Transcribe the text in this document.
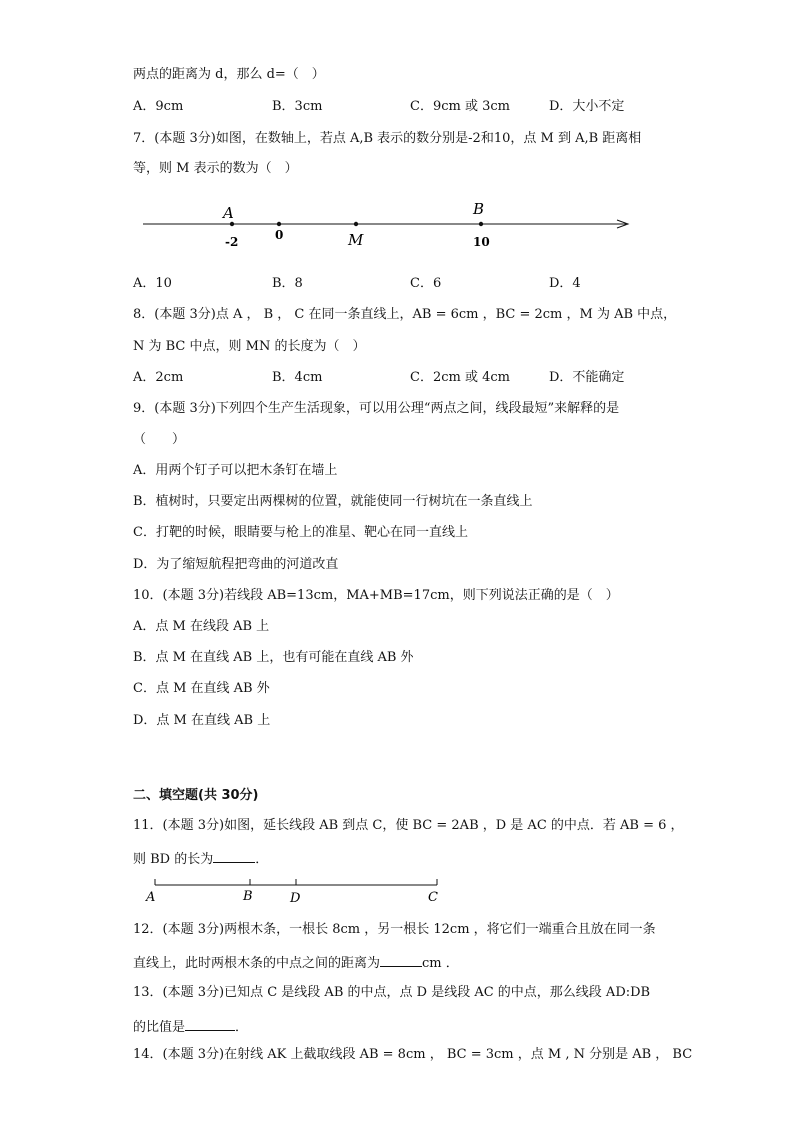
两点的距离为 d，那么 d=（　）
A．9cm	B．3cm	C．9cm 或 3cm	D．大小不定
7．(本题 3分)如图，在数轴上，若点 A,B 表示的数分别是-2和10，点 M 到 A,B 距离相
等，则 M 表示的数为（　）
A	B
M
-2	0	10
A．10	B．8	C．6	D．4
8．(本题 3分)点 A ， B ， C 在同一条直线上，AB = 6cm ，BC = 2cm ，M 为 AB 中点，
N 为 BC 中点，则 MN 的长度为（　）
A．2cm	B．4cm	C．2cm 或 4cm	D．不能确定
9．(本题 3分)下列四个生产生活现象，可以用公理“两点之间，线段最短”来解释的是
（　　）
A．用两个钉子可以把木条钉在墙上
B．植树时，只要定出两棵树的位置，就能使同一行树坑在一条直线上
C．打靶的时候，眼睛要与枪上的准星、靶心在同一直线上
D．为了缩短航程把弯曲的河道改直
10．(本题 3分)若线段 AB=13cm，MA+MB=17cm，则下列说法正确的是（　）
A．点 M 在线段 AB 上
B．点 M 在直线 AB 上，也有可能在直线 AB 外
C．点 M 在直线 AB 外
D．点 M 在直线 AB 上
二、填空题(共 30分)
11．(本题 3分)如图，延长线段 AB 到点 C，使 BC = 2AB ，D 是 AC 的中点．若 AB = 6 ，
则 BD 的长为	．
A	B	D	C
12．(本题 3分)两根木条，一根长 8cm ，另一根长 12cm ，将它们一端重合且放在同一条
直线上，此时两根木条的中点之间的距离为	cm ．
13．(本题 3分)已知点 C 是线段 AB 的中点，点 D 是线段 AC 的中点，那么线段 AD:DB
的比值是	．
14．(本题 3分)在射线 AK 上截取线段 AB = 8cm ， BC = 3cm ，点 M , N 分别是 AB ， BC
